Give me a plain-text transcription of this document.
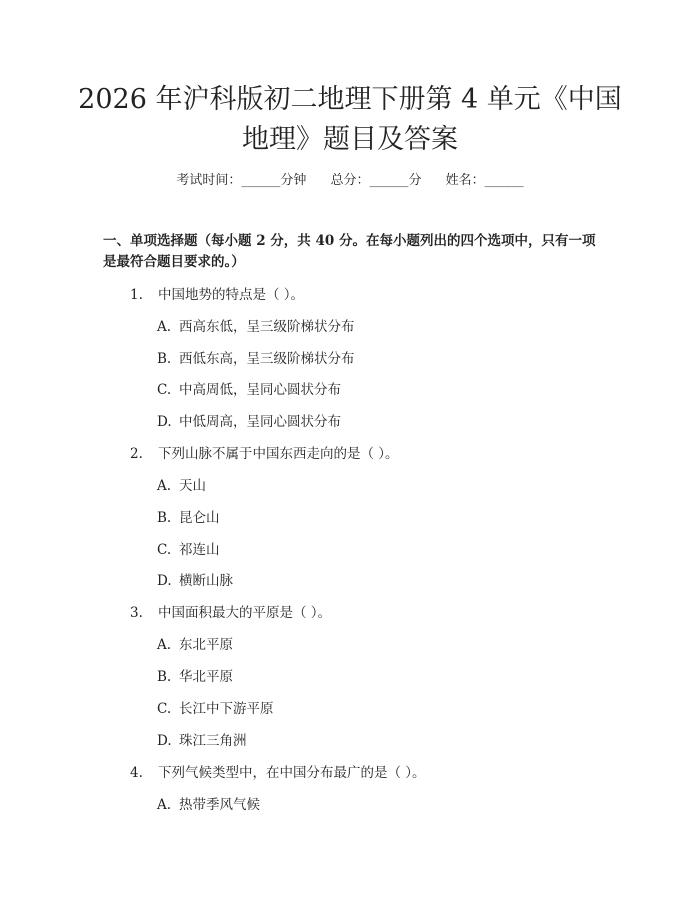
2026 年沪科版初二地理下册第 4 单元《中国
地理》题目及答案
考试时间：______分钟 总分：______分 姓名：______
一、单项选择题（每小题 2 分，共 40 分。在每小题列出的四个选项中，只有一项是最符合题目要求的。）
1. 中国地势的特点是（ ）。
A. 西高东低，呈三级阶梯状分布
B. 西低东高，呈三级阶梯状分布
C. 中高周低，呈同心圆状分布
D. 中低周高，呈同心圆状分布
2. 下列山脉不属于中国东西走向的是（ ）。
A. 天山
B. 昆仑山
C. 祁连山
D. 横断山脉
3. 中国面积最大的平原是（ ）。
A. 东北平原
B. 华北平原
C. 长江中下游平原
D. 珠江三角洲
4. 下列气候类型中，在中国分布最广的是（ ）。
A. 热带季风气候
